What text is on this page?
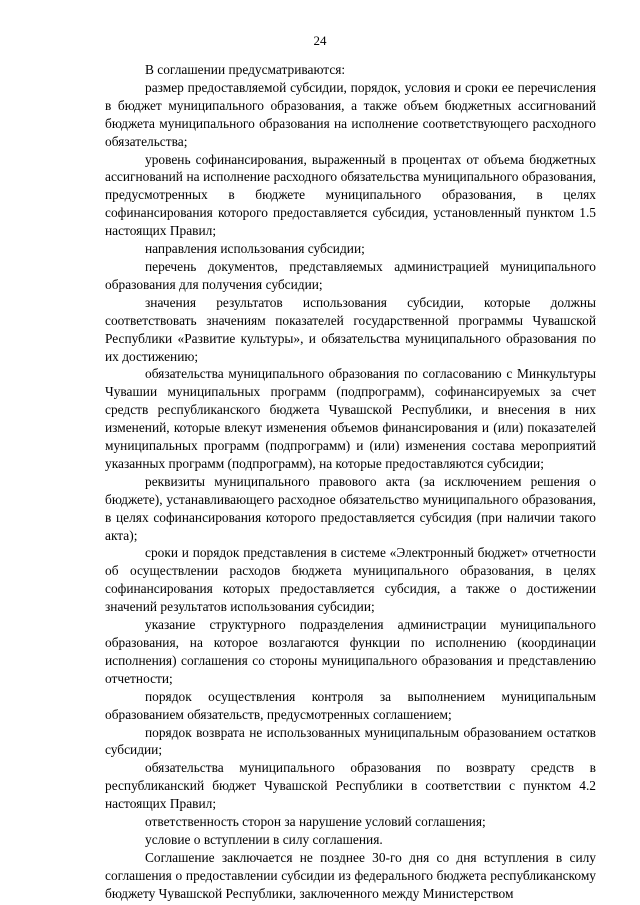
24

В соглашении предусматриваются:

размер предоставляемой субсидии, порядок, условия и сроки ее перечисления в бюджет муниципального образования, а также объем бюджетных ассигнований бюджета муниципального образования на исполнение соответствующего расходного обязательства;

уровень софинансирования, выраженный в процентах от объема бюджетных ассигнований на исполнение расходного обязательства муниципального образования, предусмотренных в бюджете муниципального образования, в целях софинансирования которого предоставляется субсидия, установленный пунктом 1.5 настоящих Правил;

направления использования субсидии;

перечень документов, представляемых администрацией муниципального образования для получения субсидии;

значения результатов использования субсидии, которые должны соответствовать значениям показателей государственной программы Чувашской Республики «Развитие культуры», и обязательства муниципального образования по их достижению;

обязательства муниципального образования по согласованию с Минкультуры Чувашии муниципальных программ (подпрограмм), софинансируемых за счет средств республиканского бюджета Чувашской Республики, и внесения в них изменений, которые влекут изменения объемов финансирования и (или) показателей муниципальных программ (подпрограмм) и (или) изменения состава мероприятий указанных программ (подпрограмм), на которые предоставляются субсидии;

реквизиты муниципального правового акта (за исключением решения о бюджете), устанавливающего расходное обязательство муниципального образования, в целях софинансирования которого предоставляется субсидия (при наличии такого акта);

сроки и порядок представления в системе «Электронный бюджет» отчетности об осуществлении расходов бюджета муниципального образования, в целях софинансирования которых предоставляется субсидия, а также о достижении значений результатов использования субсидии;

указание структурного подразделения администрации муниципального образования, на которое возлагаются функции по исполнению (координации исполнения) соглашения со стороны муниципального образования и представлению отчетности;

порядок осуществления контроля за выполнением муниципальным образованием обязательств, предусмотренных соглашением;

порядок возврата не использованных муниципальным образованием остатков субсидии;

обязательства муниципального образования по возврату средств в республиканский бюджет Чувашской Республики в соответствии с пунктом 4.2 настоящих Правил;

ответственность сторон за нарушение условий соглашения;

условие о вступлении в силу соглашения.

Соглашение заключается не позднее 30-го дня со дня вступления в силу соглашения о предоставлении субсидии из федерального бюджета республиканскому бюджету Чувашской Республики, заключенного между Министерством
